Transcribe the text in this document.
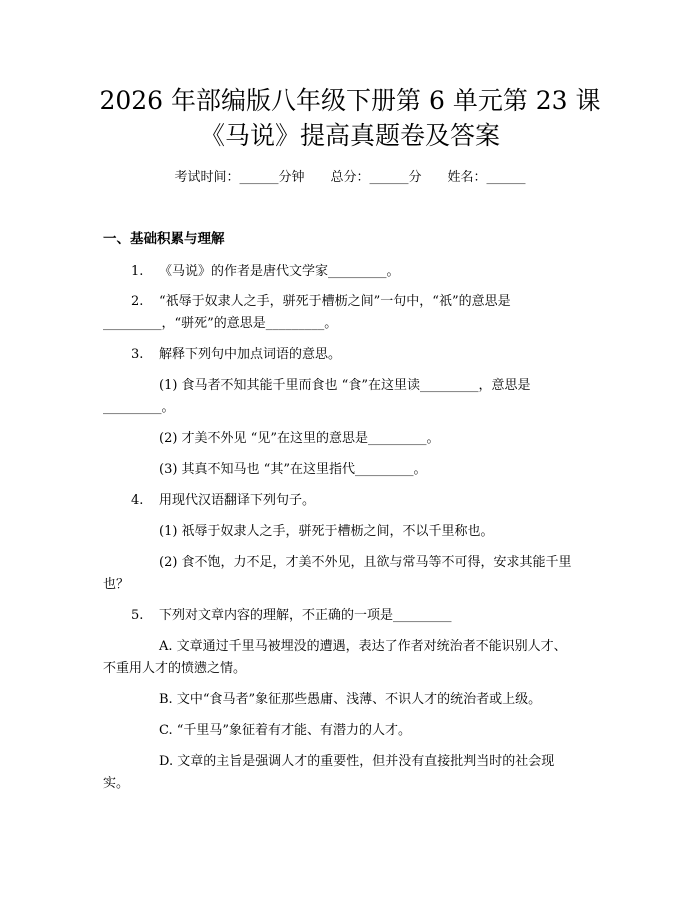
2026 年部编版八年级下册第 6 单元第 23 课
《马说》提高真题卷及答案
考试时间：______分钟 总分：______分 姓名：______
一、基础积累与理解
1. 《马说》的作者是唐代文学家_________。
2. “祇辱于奴隶人之手，骈死于槽枥之间”一句中，“祇”的意思是
_________，“骈死”的意思是_________。
3. 解释下列句中加点词语的意思。
(1) 食马者不知其能千里而食也 “食”在这里读_________，意思是
_________。
(2) 才美不外见 “见”在这里的意思是_________。
(3) 其真不知马也 “其”在这里指代_________。
4. 用现代汉语翻译下列句子。
(1) 祇辱于奴隶人之手，骈死于槽枥之间，不以千里称也。
(2) 食不饱，力不足，才美不外见，且欲与常马等不可得，安求其能千里
也？
5. 下列对文章内容的理解，不正确的一项是_________
A. 文章通过千里马被埋没的遭遇，表达了作者对统治者不能识别人才、
不重用人才的愤懑之情。
B. 文中“食马者”象征那些愚庸、浅薄、不识人才的统治者或上级。
C. “千里马”象征着有才能、有潜力的人才。
D. 文章的主旨是强调人才的重要性，但并没有直接批判当时的社会现
实。
